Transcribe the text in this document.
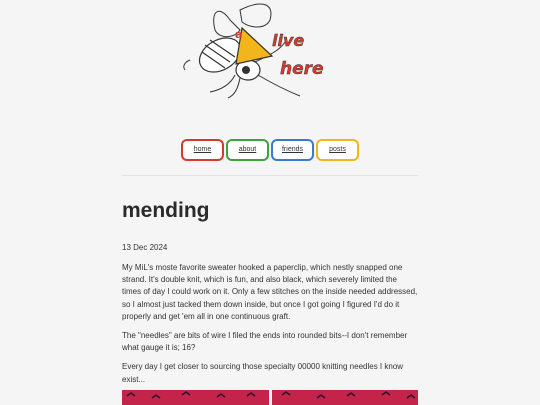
a live
here
home	about	friends	posts
mending
13 Dec 2024

My MiL's moste favorite sweater hooked a paperclip, which nestly snapped one strand. It's double knit, which is fun, and also black, which severely limited the times of day I could work on it. Only a few stitches on the inside needed addressed, so I almost just tacked them down inside, but once I got going I figured I'd do it properly and get 'em all in one continuous graft.

The "needles" are bits of wire I filed the ends into rounded bits--I don't remember what gauge it is; 16?

Every day I get closer to sourcing those specialty 00000 knitting needles I know exist...
